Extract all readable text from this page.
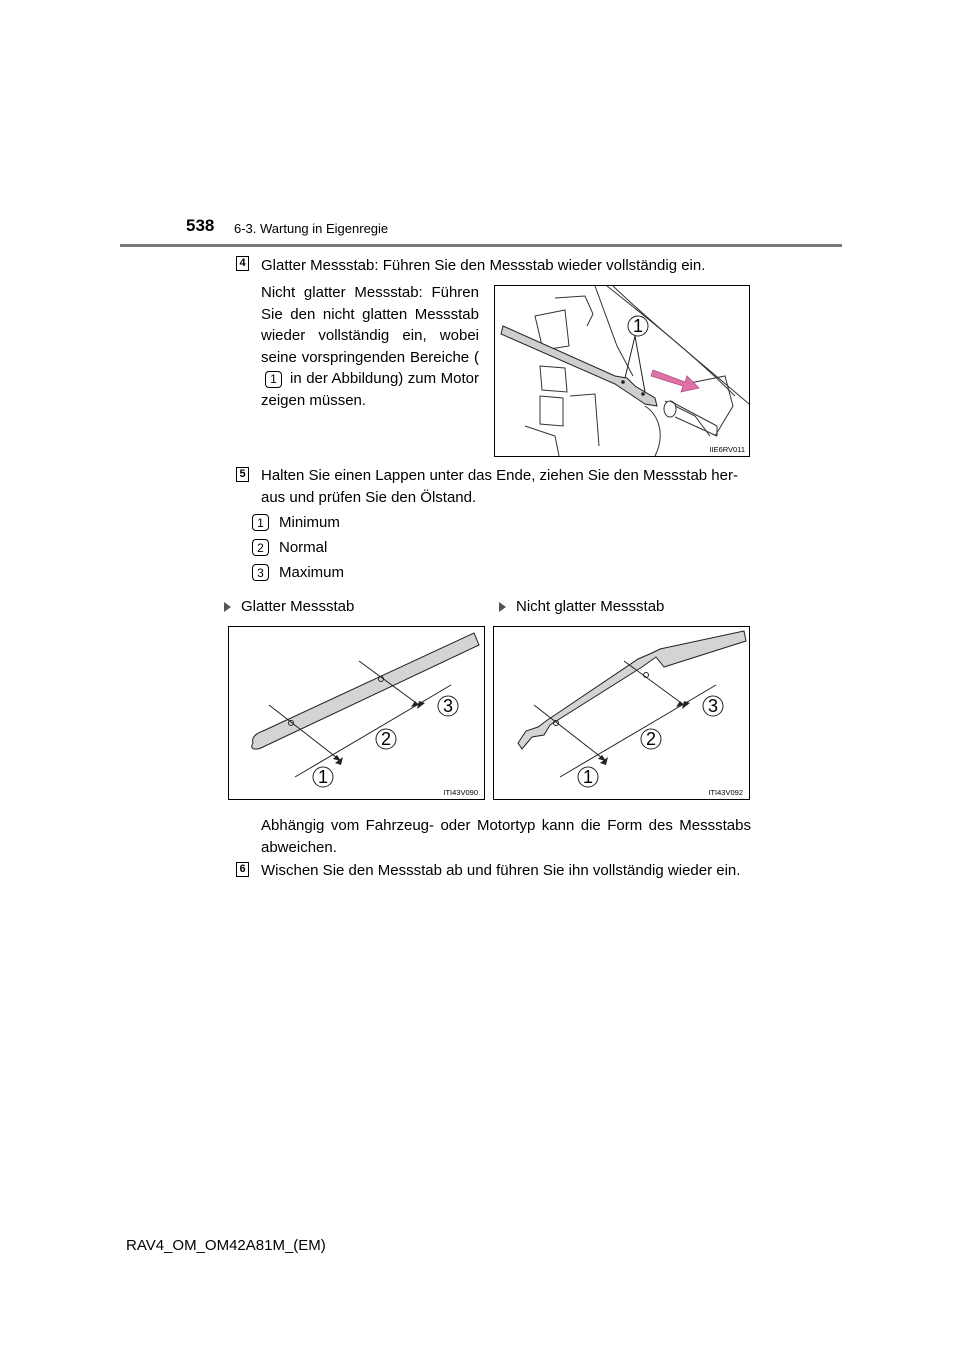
538 6-3. Wartung in Eigenregie
4 Glatter Messstab: Führen Sie den Messstab wieder vollständig ein.
Nicht glatter Messstab: Führen Sie den nicht glatten Messstab wieder vollständig ein, wobei seine vorspringenden Bereiche (1 in der Abbildung) zum Motor zeigen müssen.
1
IIE6RV011
5 Halten Sie einen Lappen unter das Ende, ziehen Sie den Messstab her-aus und prüfen Sie den Ölstand.
1	Minimum
2	Normal
3	Maximum
Glatter Messstab	Nicht glatter Messstab
1
2
3
ITI43V090
1
2
3
ITI43V092
Abhängig vom Fahrzeug- oder Motortyp kann die Form des Messstabs abweichen.
6 Wischen Sie den Messstab ab und führen Sie ihn vollständig wieder ein.
RAV4_OM_OM42A81M_(EM)
